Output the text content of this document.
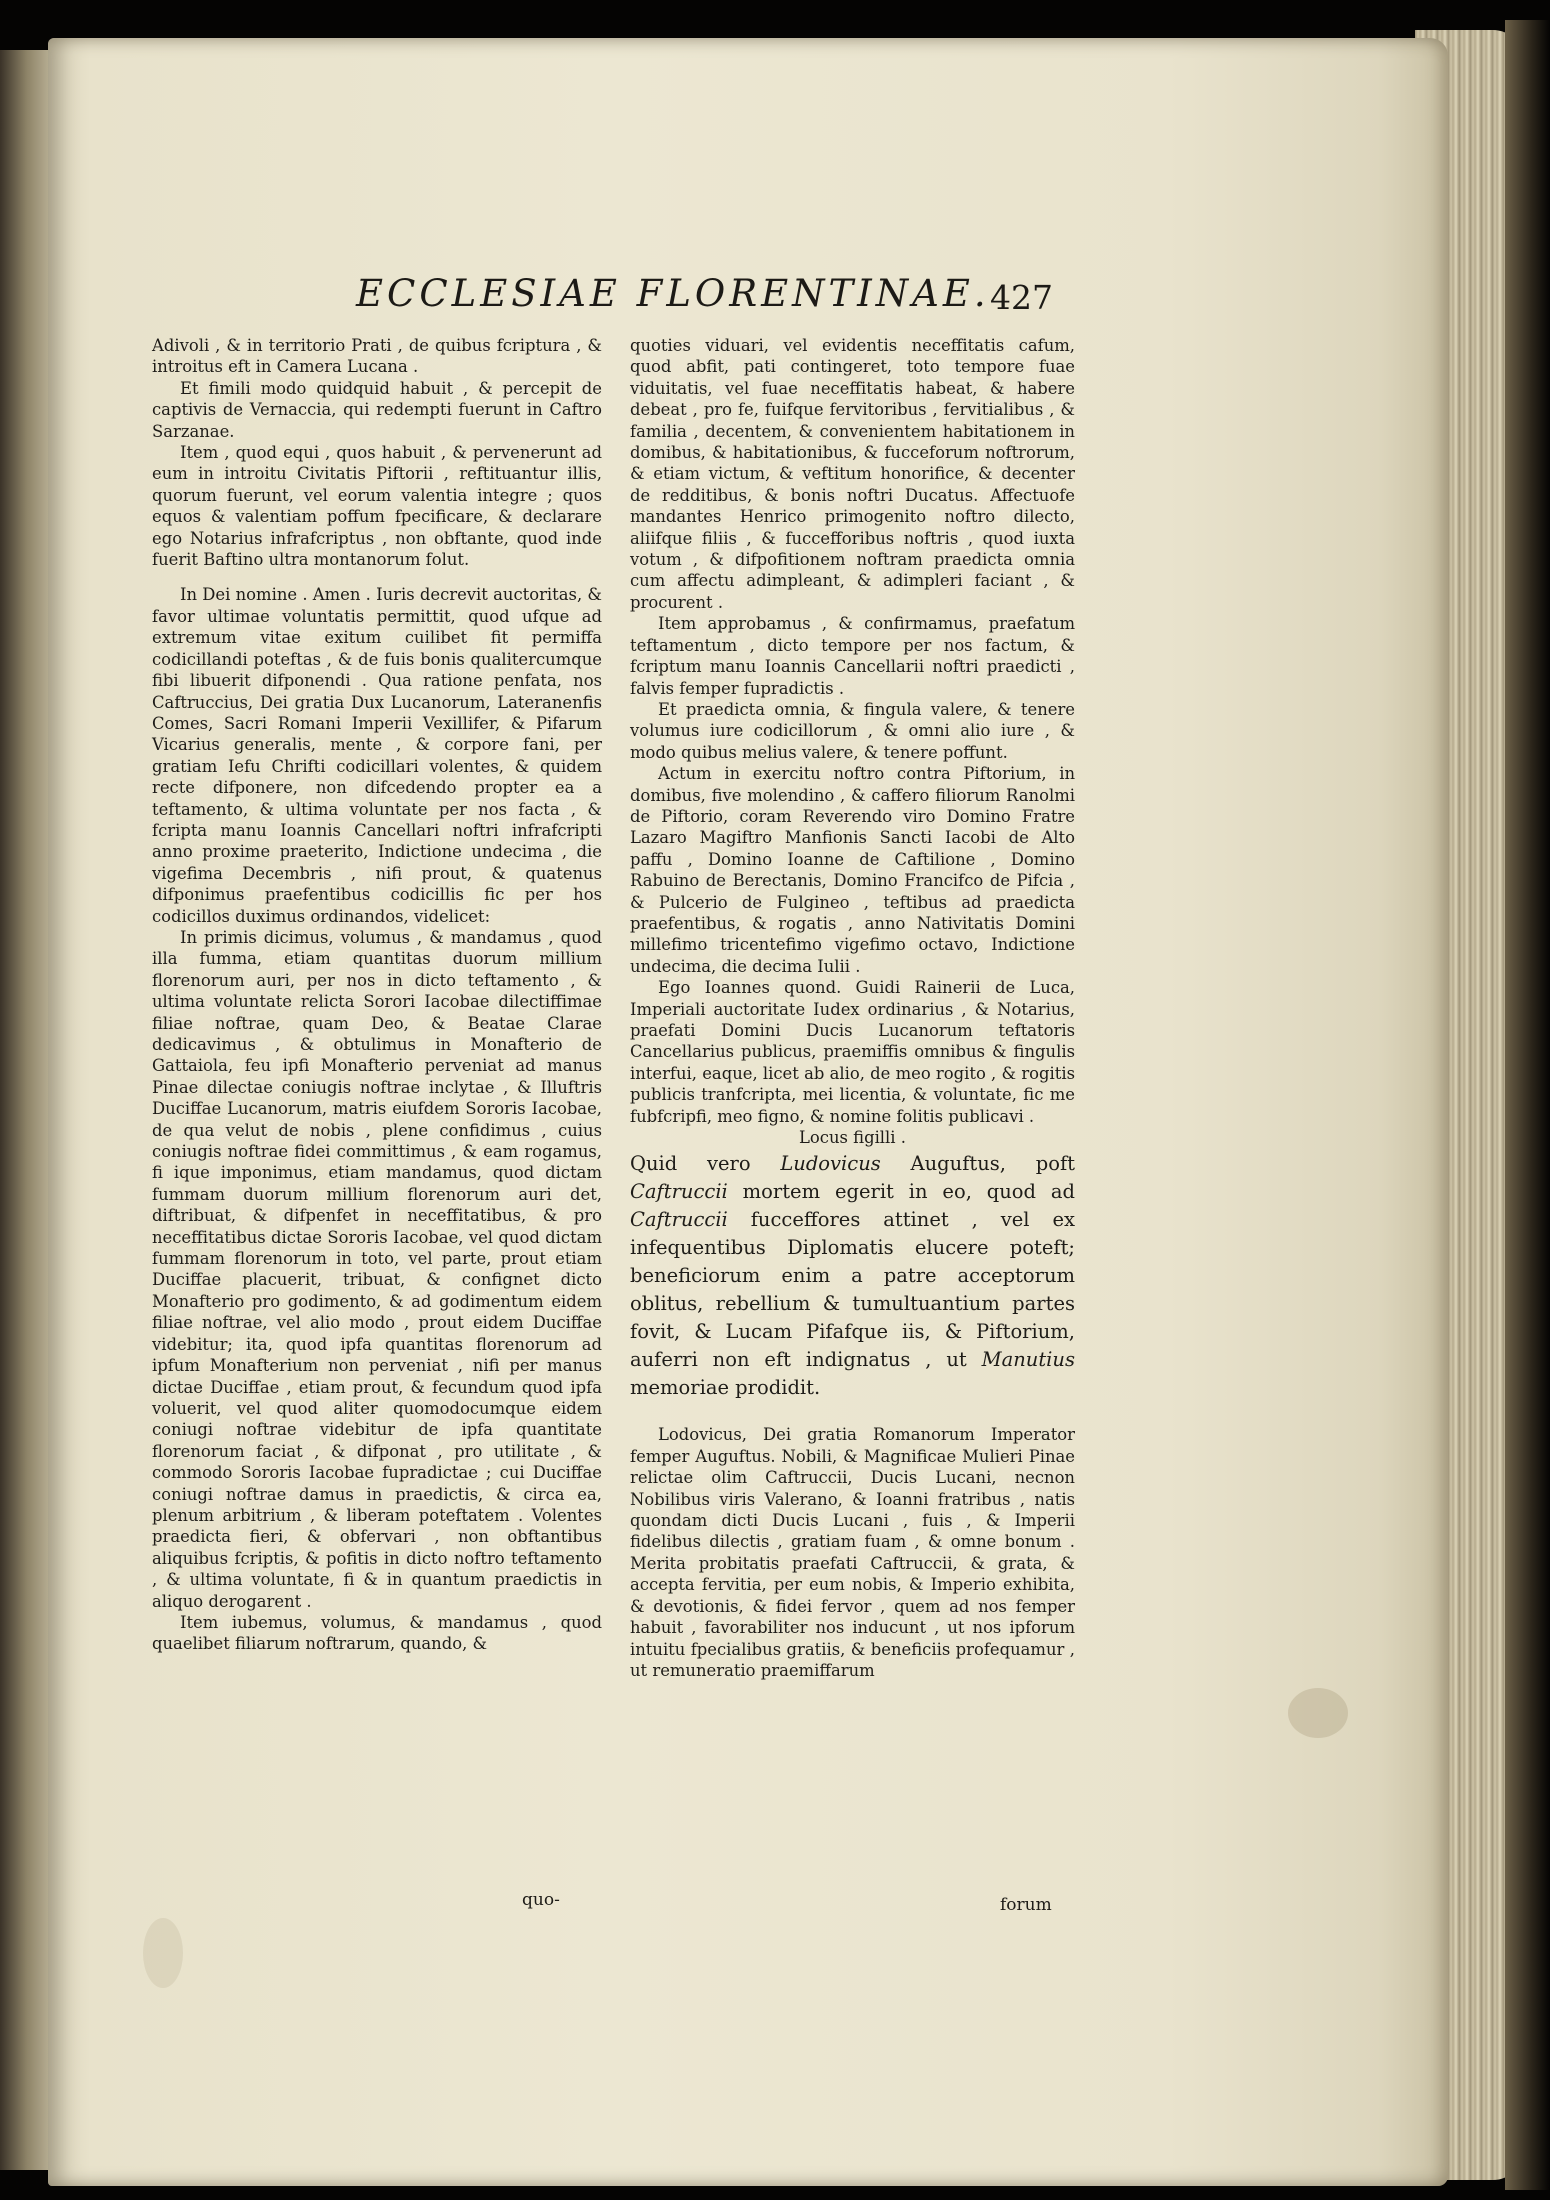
ECCLESIAE FLORENTINAE. 427

Adivoli , & in territorio Prati , de quibus fcriptura , & introitus eft in Camera Lucana .

Et fimili modo quidquid habuit , & percepit de captivis de Vernaccia, qui redempti fuerunt in Caftro Sarzanae.

Item , quod equi , quos habuit , & pervenerunt ad eum in introitu Civitatis Piftorii , reftituantur illis, quorum fuerunt, vel eorum valentia integre ; quos equos & valentiam poffum fpecificare, & declarare ego Notarius infrafcriptus , non obftante, quod inde fuerit Baftino ultra montanorum folut.

In Dei nomine . Amen . Iuris decrevit auctoritas, & favor ultimae voluntatis permittit, quod ufque ad extremum vitae exitum cuilibet fit permiffa codicillandi poteftas , & de fuis bonis qualitercumque fibi libuerit difponendi . Qua ratione penfata, nos Caftruccius, Dei gratia Dux Lucanorum, Lateranenfis Comes, Sacri Romani Imperii Vexillifer, & Pifarum Vicarius generalis, mente , & corpore fani, per gratiam Iefu Chrifti codicillari volentes, & quidem recte difponere, non difcedendo propter ea a teftamento, & ultima voluntate per nos facta , & fcripta manu Ioannis Cancellari noftri infrafcripti anno proxime praeterito, Indictione undecima , die vigefima Decembris , nifi prout, & quatenus difponimus praefentibus codicillis fic per hos codicillos duximus ordinandos, videlicet:

In primis dicimus, volumus , & mandamus , quod illa fumma, etiam quantitas duorum millium florenorum auri, per nos in dicto teftamento , & ultima voluntate relicta Sorori Iacobae dilectiffimae filiae noftrae, quam Deo, & Beatae Clarae dedicavimus , & obtulimus in Monafterio de Gattaiola, feu ipfi Monafterio perveniat ad manus Pinae dilectae coniugis noftrae inclytae , & Illuftris Duciffae Lucanorum, matris eiufdem Sororis Iacobae, de qua velut de nobis , plene confidimus , cuius coniugis noftrae fidei committimus , & eam rogamus, fi ique imponimus, etiam mandamus, quod dictam fummam duorum millium florenorum auri det, diftribuat, & difpenfet in neceffitatibus, & pro neceffitatibus dictae Sororis Iacobae, vel quod dictam fummam florenorum in toto, vel parte, prout etiam Duciffae placuerit, tribuat, & confignet dicto Monafterio pro godimento, & ad godimentum eidem filiae noftrae, vel alio modo , prout eidem Duciffae videbitur; ita, quod ipfa quantitas florenorum ad ipfum Monafterium non perveniat , nifi per manus dictae Duciffae , etiam prout, & fecundum quod ipfa voluerit, vel quod aliter quomodocumque eidem coniugi noftrae videbitur de ipfa quantitate florenorum faciat , & difponat , pro utilitate , & commodo Sororis Iacobae fupradictae ; cui Duciffae coniugi noftrae damus in praedictis, & circa ea, plenum arbitrium , & liberam poteftatem . Volentes praedicta fieri, & obfervari , non obftantibus aliquibus fcriptis, & pofitis in dicto noftro teftamento , & ultima voluntate, fi & in quantum praedictis in aliquo derogarent .

Item iubemus, volumus, & mandamus , quod quaelibet filiarum noftrarum, quando, &

quo-

quoties viduari, vel evidentis neceffitatis cafum, quod abfit, pati contingeret, toto tempore fuae viduitatis, vel fuae neceffitatis habeat, & habere debeat , pro fe, fuifque fervitoribus , fervitialibus , & familia , decentem, & convenientem habitationem in domibus, & habitationibus, & fucceforum noftrorum, & etiam victum, & veftitum honorifice, & decenter de redditibus, & bonis noftri Ducatus. Affectuofe mandantes Henrico primogenito noftro dilecto, aliifque filiis , & fuccefforibus noftris , quod iuxta votum , & difpofitionem noftram praedicta omnia cum affectu adimpleant, & adimpleri faciant , & procurent .

Item approbamus , & confirmamus, praefatum teftamentum , dicto tempore per nos factum, & fcriptum manu Ioannis Cancellarii noftri praedicti , falvis femper fupradictis .

Et praedicta omnia, & fingula valere, & tenere volumus iure codicillorum , & omni alio iure , & modo quibus melius valere, & tenere poffunt.

Actum in exercitu noftro contra Piftorium, in domibus, five molendino , & caffero filiorum Ranolmi de Piftorio, coram Reverendo viro Domino Fratre Lazaro Magiftro Manfionis Sancti Iacobi de Alto paffu , Domino Ioanne de Caftilione , Domino Rabuino de Berectanis, Domino Francifco de Pifcia , & Pulcerio de Fulgineo , teftibus ad praedicta praefentibus, & rogatis , anno Nativitatis Domini millefimo tricentefimo vigefimo octavo, Indictione undecima, die decima Iulii .

Ego Ioannes quond. Guidi Rainerii de Luca, Imperiali auctoritate Iudex ordinarius , & Notarius, praefati Domini Ducis Lucanorum teftatoris Cancellarius publicus, praemiffis omnibus & fingulis interfui, eaque, licet ab alio, de meo rogito , & rogitis publicis tranfcripta, mei licentia, & voluntate, fic me fubfcripfi, meo figno, & nomine folitis publicavi .

Locus figilli .

Quid vero Ludovicus Auguftus, poft Caftruccii mortem egerit in eo, quod ad Caftruccii fucceffores attinet , vel ex infequentibus Diplomatis elucere poteft; beneficiorum enim a patre acceptorum oblitus, rebellium & tumultuantium partes fovit, & Lucam Pifafque iis, & Piftorium, auferri non eft indignatus , ut Manutius memoriae prodidit.

Lodovicus, Dei gratia Romanorum Imperator femper Auguftus. Nobili, & Magnificae Mulieri Pinae relictae olim Caftruccii, Ducis Lucani, necnon Nobilibus viris Valerano, & Ioanni fratribus , natis quondam dicti Ducis Lucani , fuis , & Imperii fidelibus dilectis , gratiam fuam , & omne bonum . Merita probitatis praefati Caftruccii, & grata, & accepta fervitia, per eum nobis, & Imperio exhibita, & devotionis, & fidei fervor , quem ad nos femper habuit , favorabiliter nos inducunt , ut nos ipforum intuitu fpecialibus gratiis, & beneficiis profequamur , ut remuneratio praemiffarum

forum
